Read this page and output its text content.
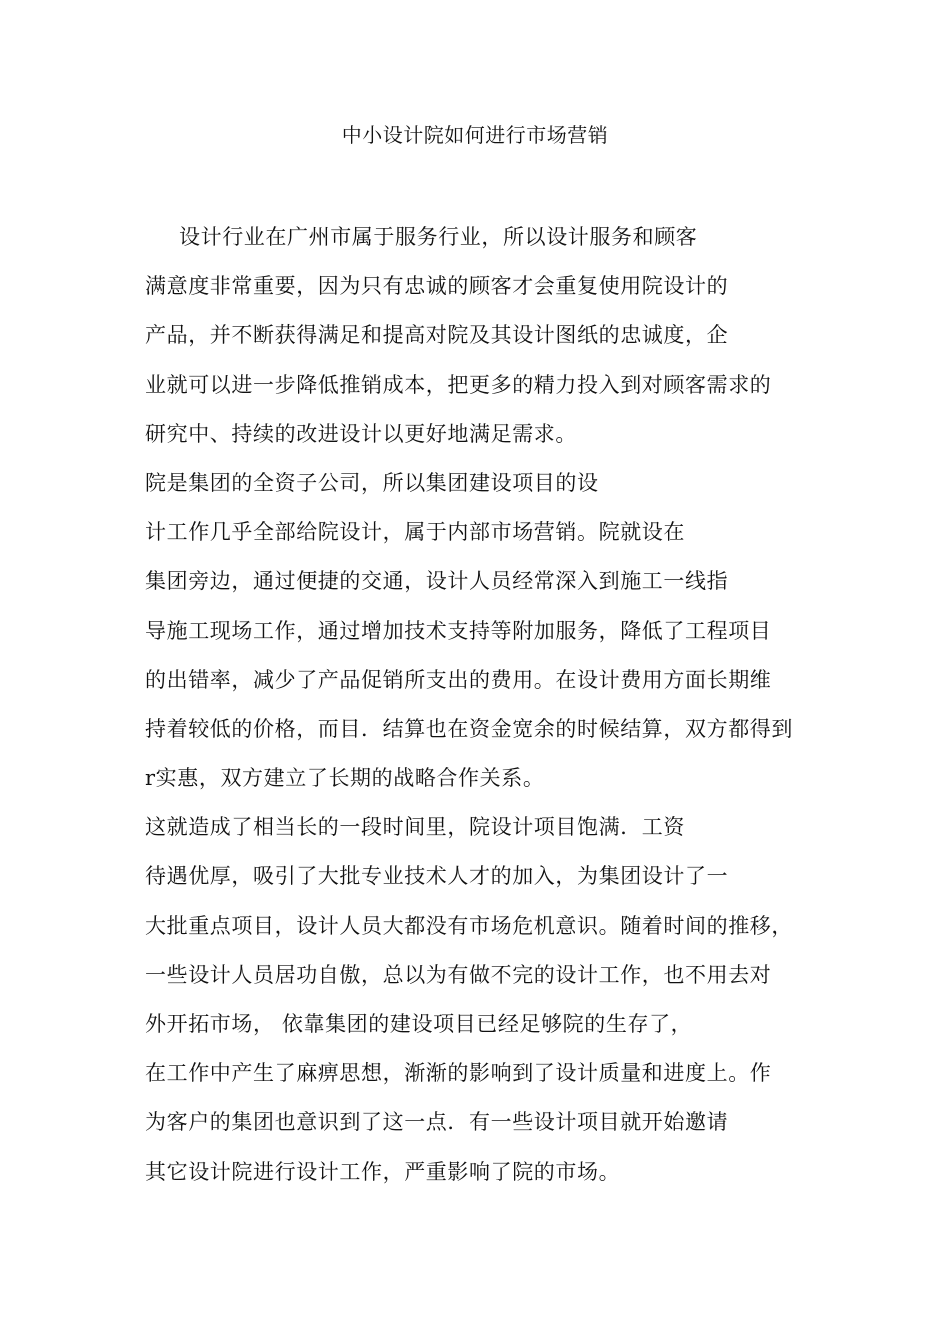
中小设计院如何进行市场营销
设计行业在广州市属于服务行业，所以设计服务和顾客
满意度非常重要，因为只有忠诚的顾客才会重复使用院设计的
产品，并不断获得满足和提高对院及其设计图纸的忠诚度，企
业就可以进一步降低推销成本，把更多的精力投入到对顾客需求的
研究中、持续的改进设计以更好地满足需求。
院是集团的全资子公司，所以集团建设项目的设
计工作几乎全部给院设计，属于内部市场营销。院就设在
集团旁边，通过便捷的交通，设计人员经常深入到施工一线指
导施工现场工作，通过增加技术支持等附加服务，降低了工程项目
的出错率，减少了产品促销所支出的费用。在设计费用方面长期维
持着较低的价格，而目．结算也在资金宽余的时候结算，双方都得到
r实惠，双方建立了长期的战略合作关系。
这就造成了相当长的一段时间里，院设计项目饱满．工资
待遇优厚，吸引了大批专业技术人才的加入，为集团设计了一
大批重点项目，设计人员大都没有市场危机意识。随着时间的推移，
一些设计人员居功自傲，总以为有做不完的设计工作，也不用去对
外开拓市场， 依靠集团的建设项目已经足够院的生存了，
在工作中产生了麻痹思想，渐渐的影响到了设计质量和进度上。作
为客户的集团也意识到了这一点．有一些设计项目就开始邀请
其它设计院进行设计工作，严重影响了院的市场。
